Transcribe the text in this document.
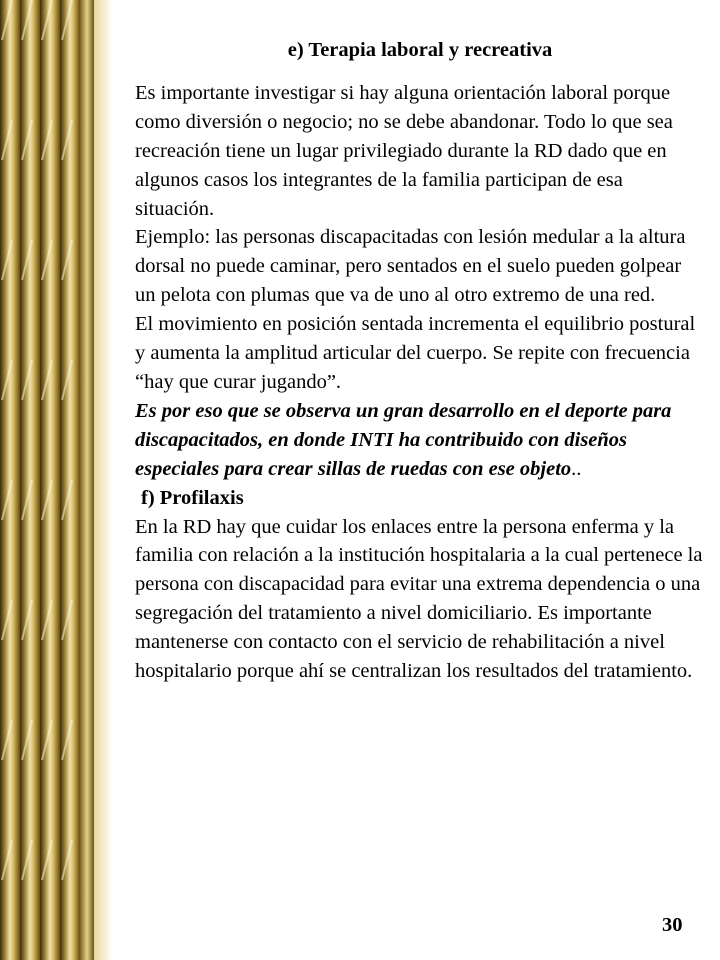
e) Terapia laboral y recreativa

Es importante investigar si hay alguna orientación laboral porque como diversión o negocio; no se debe abandonar. Todo lo que sea recreación tiene un lugar privilegiado durante la RD dado que en algunos casos los integrantes de la familia participan de esa situación.

Ejemplo: las personas discapacitadas con lesión medular a la altura dorsal no puede caminar, pero sentados en el suelo pueden golpear un pelota con plumas que va de uno al otro extremo de una red.

El movimiento en posición sentada incrementa el equilibrio postural y aumenta la amplitud articular del cuerpo. Se repite con frecuencia “hay que curar jugando”.

Es por eso que se observa un gran desarrollo en el deporte para discapacitados, en donde INTI ha contribuido con diseños especiales para crear sillas de ruedas con ese objeto..

f) Profilaxis

En la RD hay que cuidar los enlaces entre la persona enferma y la familia con relación a la institución hospitalaria a la cual pertenece la persona con discapacidad para evitar una extrema dependencia o una segregación del tratamiento a nivel domiciliario. Es importante mantenerse con contacto con el servicio de rehabilitación a nivel hospitalario porque ahí se centralizan los resultados del tratamiento.

30
